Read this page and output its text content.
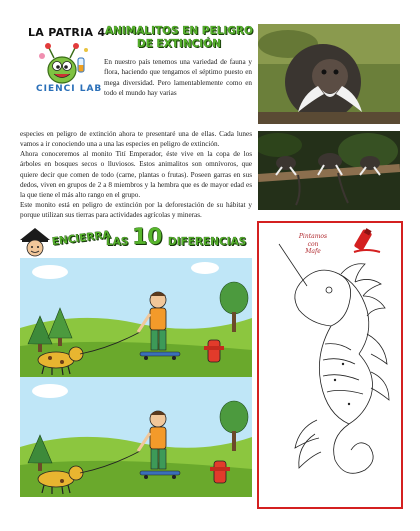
LA PATRIA 4 ANIMALITOS EN PELIGRO
DE EXTINCIÓN
CIENCI LAB

En nuestro país tenemos una variedad de fauna y flora, haciendo que tengamos el séptimo puesto en mega diversidad. Pero lamentablemente como en todo el mundo hay varias

especies en peligro de extinción ahora te presentaré una de ellas. Cada lunes vamos a ir conociendo una a una las especies en peligro de extinción.

Ahora conoceremos al monito Tití Emperador, éste vive en la copa de los árboles en bosques secos o lluviosos. Estos animalitos son omnívoros, que quiere decir que comen de todo (carne, plantas o frutas). Poseen garras en sus dedos, viven en grupos de 2 a 8 miembros y la hembra que es de mayor edad es la que tiene el más alto rango en el grupo.

Este monito está en peligro de extinción por la deforestación de su hábitat y porque utilizan sus tierras para actividades agrícolas y mineras.

ENCIERRA
LAS 10 DIFERENCIAS	Pintamos
con
Mafe
